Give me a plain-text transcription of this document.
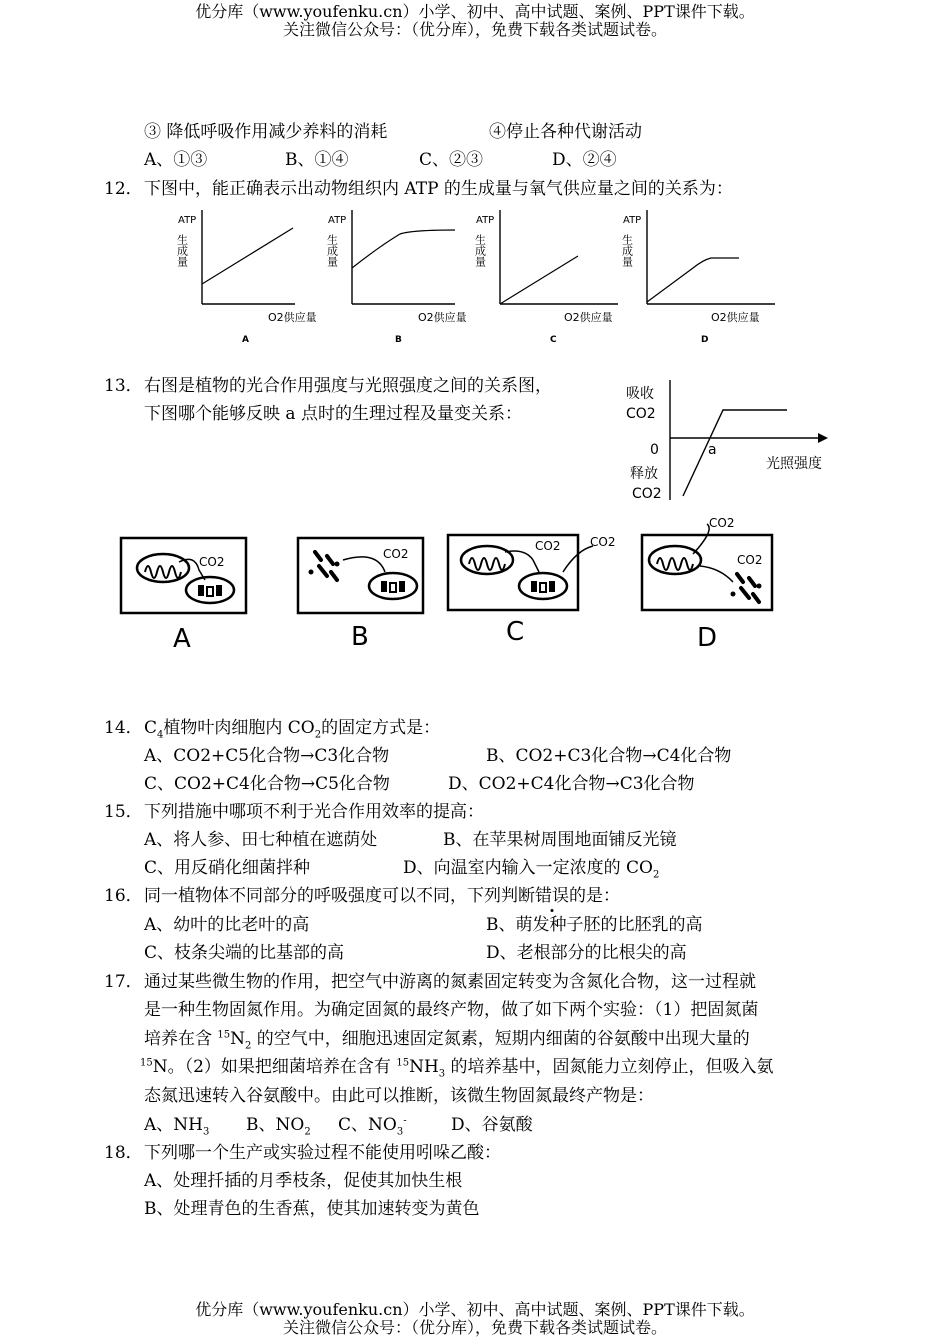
优分库（www.youfenku.cn）小学、初中、高中试题、案例、PPT课件下载。
关注微信公众号：（优分库），免费下载各类试题试卷。
③ 降低呼吸作用减少养料的消耗	④停止各种代谢活动
A、①③	B、①④	C、②③	D、②④
12． 下图中，能正确表示出动物组织内 ATP 的生成量与氧气供应量之间的关系为：
ATP
生成量
O2供应量
A
ATP
生成量
O2供应量
B
ATP
生成量
O2供应量
C
ATP
生成量
O2供应量
D
13． 右图是植物的光合作用强度与光照强度之间的关系图，
下图哪个能够反映 a 点时的生理过程及量变关系：
吸收
CO2
0
释放
CO2
a
光照强度
CO2
A
CO2
B
CO2 CO2
C
CO2
CO2
D
14． $C_4$植物叶肉细胞内 $CO_2$的固定方式是：
A、CO2+C5化合物→C3化合物	B、CO2+C3化合物→C4化合物
C、CO2+C4化合物→C5化合物	D、CO2+C4化合物→C3化合物
15． 下列措施中哪项不利于光合作用效率的提高：
A、将人参、田七种植在遮荫处	B、在苹果树周围地面铺反光镜
C、用反硝化细菌拌种	D、向温室内输入一定浓度的 $CO_2$
16． 同一植物体不同部分的呼吸强度可以不同，下列判断错误的是：
A、幼叶的比老叶的高	B、萌发种子胚的比胚乳的高
C、枝条尖端的比基部的高	D、老根部分的比根尖的高
17． 通过某些微生物的作用，把空气中游离的氮素固定转变为含氮化合物，这一过程就
是一种生物固氮作用。为确定固氮的最终产物，做了如下两个实验：（1）把固氮菌
培养在含 $^{15}N_2$ 的空气中，细胞迅速固定氮素，短期内细菌的谷氨酸中出现大量的
$^{15}$N。（2）如果把细菌培养在含有 $^{15}NH_3$ 的培养基中，固氮能力立刻停止，但吸入氨
态氮迅速转入谷氨酸中。由此可以推断，该微生物固氮最终产物是：
A、$NH_3$ B、$NO_2$ C、$NO_3^-$	D、谷氨酸
18． 下列哪一个生产或实验过程不能使用吲哚乙酸：
A、处理扦插的月季枝条，促使其加快生根
B、处理青色的生香蕉，使其加速转变为黄色
优分库（www.youfenku.cn）小学、初中、高中试题、案例、PPT课件下载。
关注微信公众号：（优分库），免费下载各类试题试卷。
